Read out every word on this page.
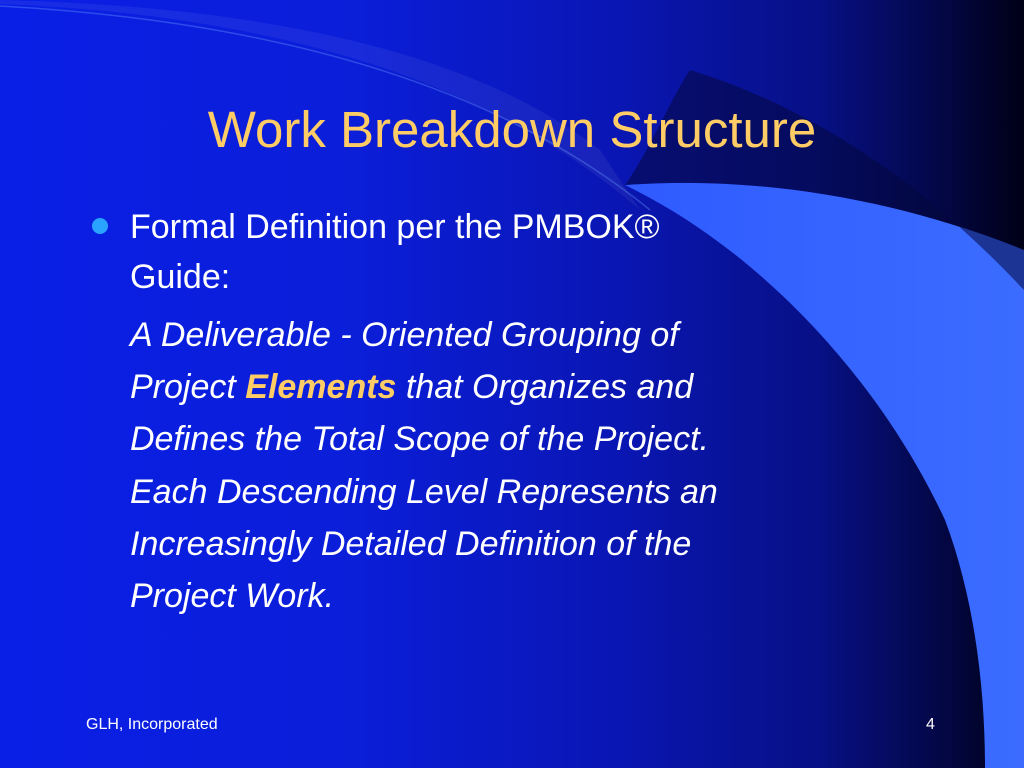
Work Breakdown Structure
Formal Definition per the PMBOK®
Guide:
A Deliverable - Oriented Grouping of
Project Elements that Organizes and
Defines the Total Scope of the Project.
Each Descending Level Represents an
Increasingly Detailed Definition of the
Project Work.
GLH, Incorporated	4
